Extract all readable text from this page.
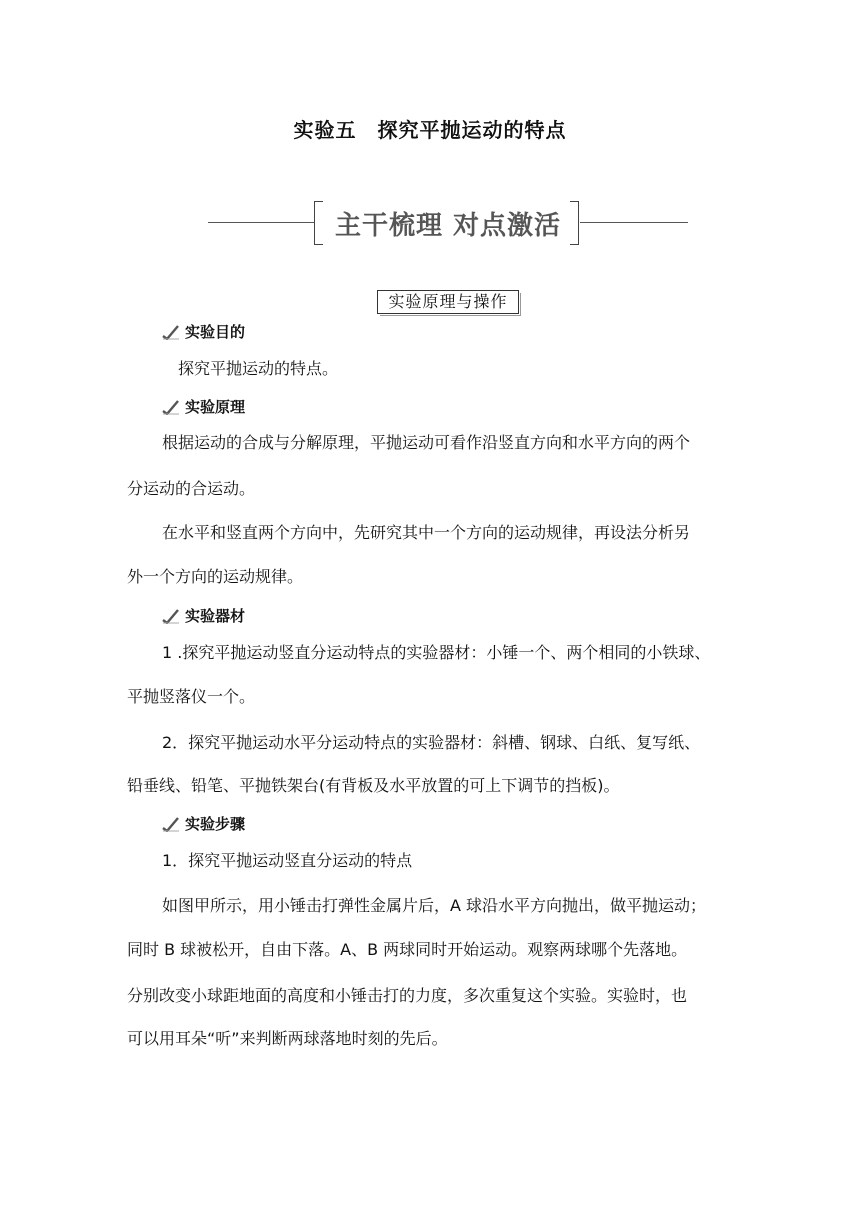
实验五　探究平抛运动的特点
主干梳理 对点激活
实验原理与操作
实验目的
探究平抛运动的特点。
实验原理
根据运动的合成与分解原理，平抛运动可看作沿竖直方向和水平方向的两个
分运动的合运动。
在水平和竖直两个方向中，先研究其中一个方向的运动规律，再设法分析另
外一个方向的运动规律。
实验器材
1 .探究平抛运动竖直分运动特点的实验器材：小锤一个、两个相同的小铁球、
平抛竖落仪一个。
2．探究平抛运动水平分运动特点的实验器材：斜槽、钢球、白纸、复写纸、
铅垂线、铅笔、平抛铁架台(有背板及水平放置的可上下调节的挡板)。
实验步骤
1．探究平抛运动竖直分运动的特点
如图甲所示，用小锤击打弹性金属片后，A 球沿水平方向抛出，做平抛运动；
同时 B 球被松开，自由下落。A、B 两球同时开始运动。观察两球哪个先落地。
分别改变小球距地面的高度和小锤击打的力度，多次重复这个实验。实验时，也
可以用耳朵“听”来判断两球落地时刻的先后。
